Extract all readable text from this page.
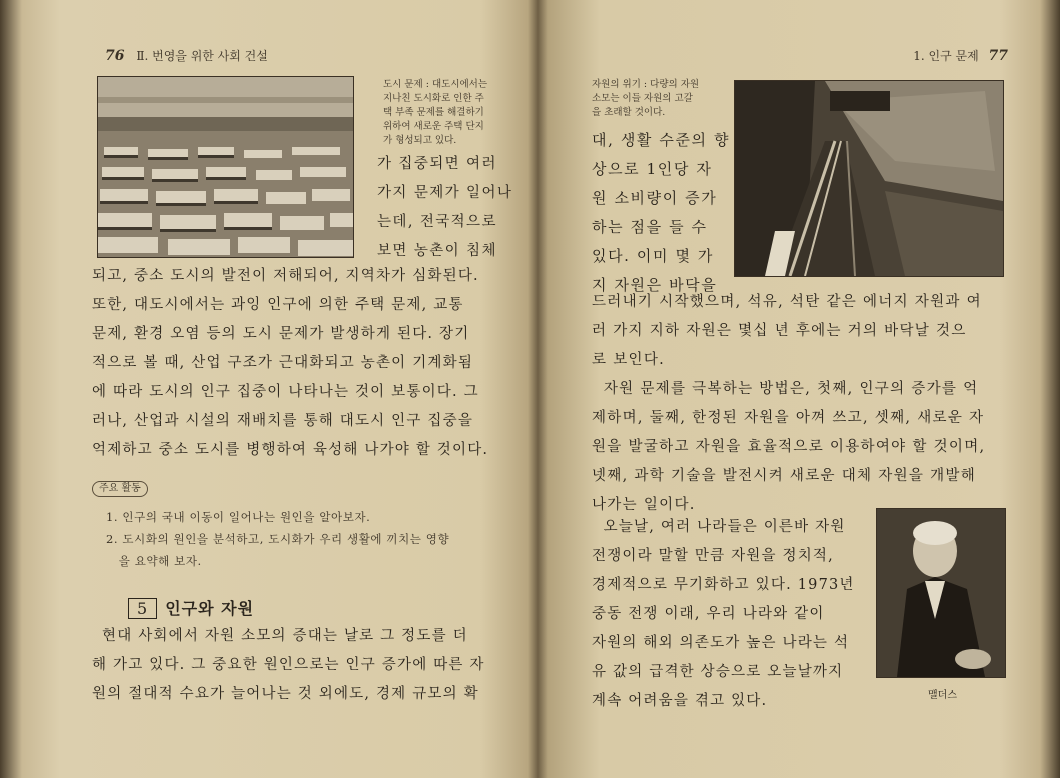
76 Ⅱ. 번영을 위한 사회 건설
도시 문제 : 대도시에서는
지나친 도시화로 인한 주
택 부족 문제를 해결하기
위하여 새로운 주택 단지
가 형성되고 있다.
가 집중되면 여러
가지 문제가 일어나
는데, 전국적으로
보면 농촌이 침체
되고, 중소 도시의 발전이 저해되어, 지역차가 심화된다.
또한, 대도시에서는 과잉 인구에 의한 주택 문제, 교통
문제, 환경 오염 등의 도시 문제가 발생하게 된다. 장기
적으로 볼 때, 산업 구조가 근대화되고 농촌이 기계화됨
에 따라 도시의 인구 집중이 나타나는 것이 보통이다. 그
러나, 산업과 시설의 재배치를 통해 대도시 인구 집중을
억제하고 중소 도시를 병행하여 육성해 나가야 할 것이다.
주요 활동
1. 인구의 국내 이동이 일어나는 원인을 알아보자.
2. 도시화의 원인을 분석하고, 도시화가 우리 생활에 끼치는 영향
을 요약해 보자.
5 인구와 자원
현대 사회에서 자원 소모의 증대는 날로 그 정도를 더
해 가고 있다. 그 중요한 원인으로는 인구 증가에 따른 자
원의 절대적 수요가 늘어나는 것 외에도, 경제 규모의 확
1. 인구 문제 77
자원의 위기 : 다량의 자원
소모는 이들 자원의 고갈
을 초래할 것이다.
대, 생활 수준의 향
상으로 1인당 자
원 소비량이 증가
하는 점을 들 수
있다. 이미 몇 가
지 자원은 바닥을
드러내기 시작했으며, 석유, 석탄 같은 에너지 자원과 여
러 가지 지하 자원은 몇십 년 후에는 거의 바닥날 것으
로 보인다.
자원 문제를 극복하는 방법은, 첫째, 인구의 증가를 억
제하며, 둘째, 한정된 자원을 아껴 쓰고, 셋째, 새로운 자
원을 발굴하고 자원을 효율적으로 이용하여야 할 것이며,
넷째, 과학 기술을 발전시켜 새로운 대체 자원을 개발해
나가는 일이다.
오늘날, 여러 나라들은 이른바 자원
전쟁이라 말할 만큼 자원을 정치적,
경제적으로 무기화하고 있다. 1973년
중동 전쟁 이래, 우리 나라와 같이
자원의 해외 의존도가 높은 나라는 석
유 값의 급격한 상승으로 오늘날까지
계속 어려움을 겪고 있다.	맬더스
